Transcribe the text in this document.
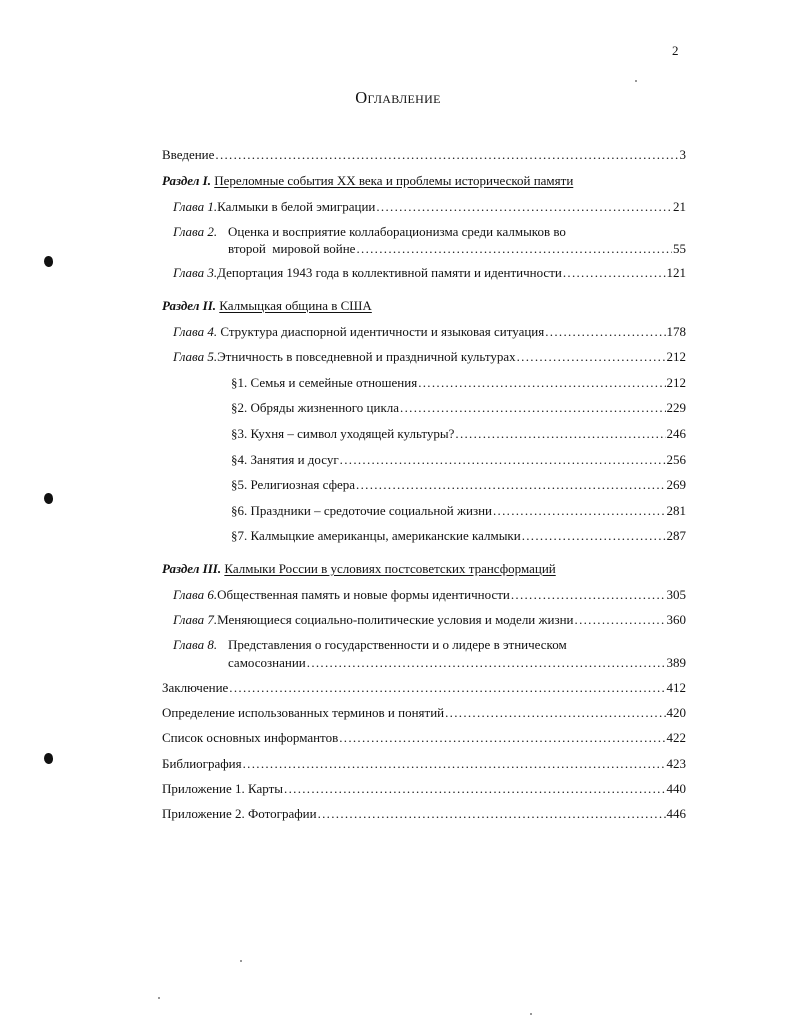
2
Оглавление
Введение .....	3
Раздел I.
Переломные события XX века и проблемы исторической памяти
Глава 1. Калмыки в белой эмиграции .....	21
Глава 2. Оценка и восприятие коллаборационизма среди калмыков во
второй  мировой войне .....	55
Глава 3. Депортация 1943 года в коллективной памяти и идентичности .....	121
Раздел II.
Калмыцкая община в США
Глава 4. Структура диаспорной идентичности и языковая ситуация .....	178
Глава 5. Этничность в повседневной и праздничной культурах .....	212
§1. Семья и семейные отношения .....	212
§2. Обряды жизненного цикла .....	229
§3. Кухня – символ уходящей культуры? .....	246
§4. Занятия и досуг .....	256
§5. Религиозная сфера .....	269
§6. Праздники – средоточие социальной жизни .....	281
§7. Калмыцкие американцы, американские калмыки .....	287
Раздел III.
Калмыки России в условиях постсоветских трансформаций
Глава 6. Общественная память и новые формы идентичности .....	305
Глава 7. Меняющиеся социально-политические условия и модели жизни .....	360
Глава 8. Представления о государственности и о лидере в этническом
самосознании .....	389
Заключение .....	412
Определение использованных терминов и понятий .....	420
Список основных информантов .....	422
Библиография .....	423
Приложение 1. Карты .....	440
Приложение 2. Фотографии .....	446
